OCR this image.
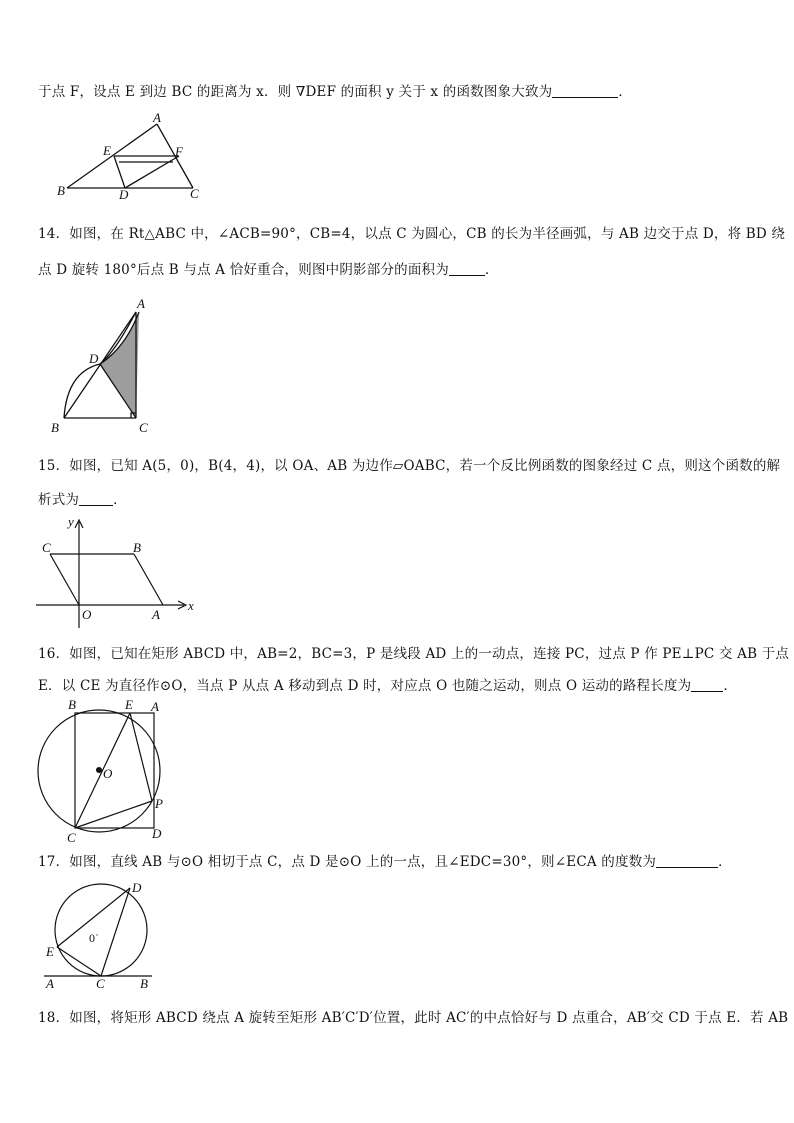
于点 F，设点 E 到边 BC 的距离为 x．则 ∇DEF 的面积 y 关于 x 的函数图象大致为	．
A
E	F
B	D	C
14．如图，在 Rt△ABC 中，∠ACB=90°，CB=4，以点 C 为圆心，CB 的长为半径画弧，与 AB 边交于点 D，将 BD 绕
点 D 旋转 180°后点 B 与点 A 恰好重合，则图中阴影部分的面积为	．
A
D
B	C
15．如图，已知 A(5，0)，B(4，4)，以 OA、AB 为边作▱OABC，若一个反比例函数的图象经过 C 点，则这个函数的解
析式为	．
y
x
C	B
O	A
16．如图，已知在矩形 ABCD 中，AB=2，BC=3，P 是线段 AD 上的一动点，连接 PC，过点 P 作 PE⊥PC 交 AB 于点
E．以 CE 为直径作⊙O，当点 P 从点 A 移动到点 D 时，对应点 O 也随之运动，则点 O 运动的路程长度为 ．
B	E A
O
P
C	D
17．如图，直线 AB 与⊙O 相切于点 C，点 D 是⊙O 上的一点，且∠EDC=30°，则∠ECA 的度数为	．
D
0˙
E
A	C	B
18．如图，将矩形 ABCD 绕点 A 旋转至矩形 AB′C′D′位置，此时 AC′的中点恰好与 D 点重合，AB′交 CD 于点 E．若 AB
